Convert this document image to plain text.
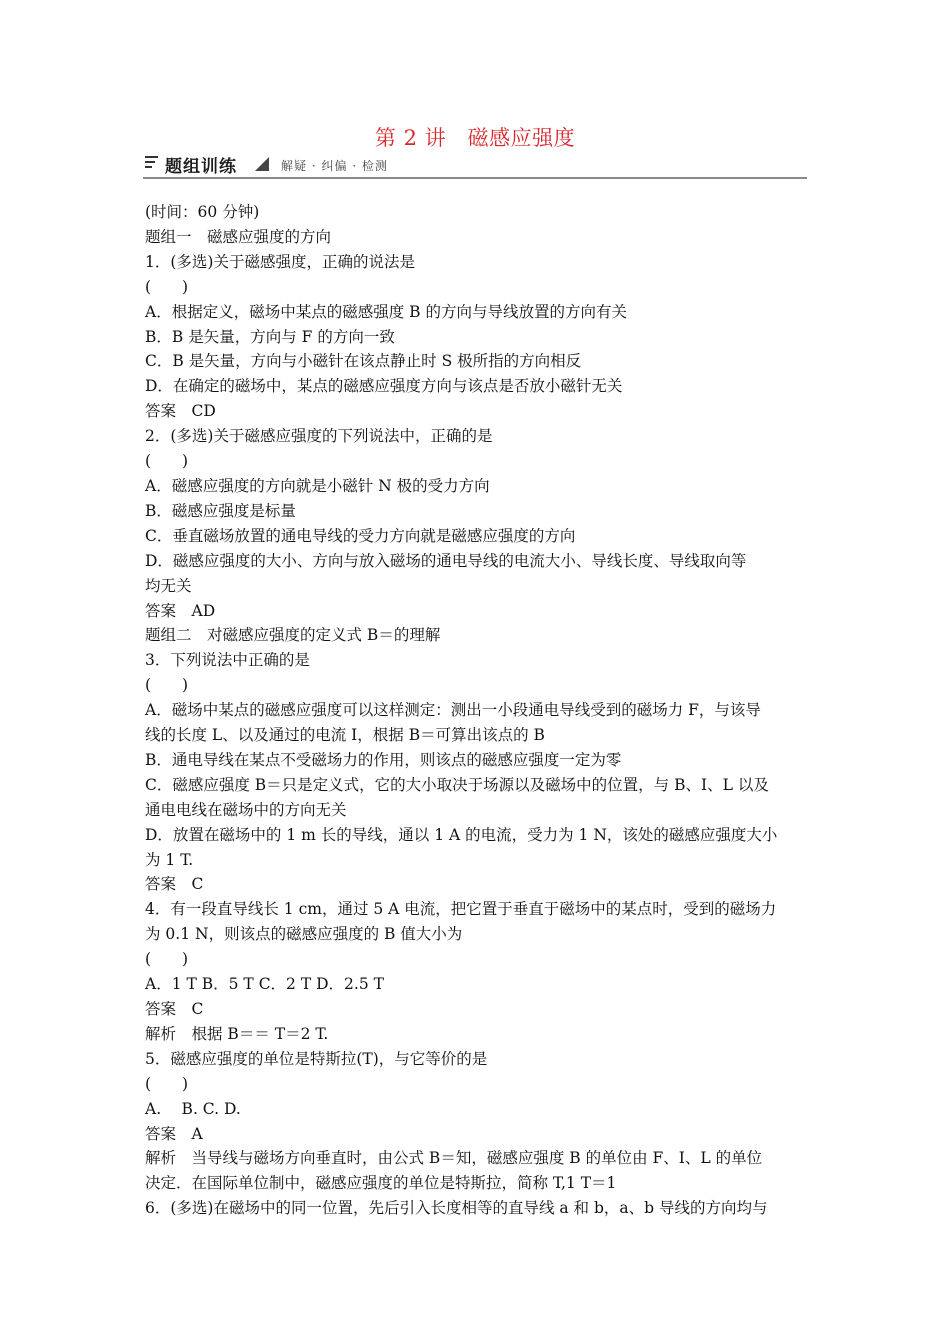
第 2 讲　磁感应强度
题组训练	解疑 · 纠偏 · 检测
(时间：60 分钟)
题组一　磁感应强度的方向
1．(多选)关于磁感强度，正确的说法是
(　　)
A．根据定义，磁场中某点的磁感强度 B 的方向与导线放置的方向有关
B．B 是矢量，方向与 F 的方向一致
C．B 是矢量，方向与小磁针在该点静止时 S 极所指的方向相反
D．在确定的磁场中，某点的磁感应强度方向与该点是否放小磁针无关
答案　CD
2．(多选)关于磁感应强度的下列说法中，正确的是
(　　)
A．磁感应强度的方向就是小磁针 N 极的受力方向
B．磁感应强度是标量
C．垂直磁场放置的通电导线的受力方向就是磁感应强度的方向
D．磁感应强度的大小、方向与放入磁场的通电导线的电流大小、导线长度、导线取向等
均无关
答案　AD
题组二　对磁感应强度的定义式 B＝的理解
3．下列说法中正确的是
(　　)
A．磁场中某点的磁感应强度可以这样测定：测出一小段通电导线受到的磁场力 F，与该导
线的长度 L、以及通过的电流 I，根据 B＝可算出该点的 B
B．通电导线在某点不受磁场力的作用，则该点的磁感应强度一定为零
C．磁感应强度 B＝只是定义式，它的大小取决于场源以及磁场中的位置，与 B、I、L 以及
通电电线在磁场中的方向无关
D．放置在磁场中的 1 m 长的导线，通以 1 A 的电流，受力为 1 N，该处的磁感应强度大小
为 1 T.
答案　C
4．有一段直导线长 1 cm，通过 5 A 电流，把它置于垂直于磁场中的某点时，受到的磁场力
为 0.1 N，则该点的磁感应强度的 B 值大小为
(　　)
A．1 T B．5 T C．2 T D．2.5 T
答案　C
解析　根据 B＝＝ T＝2 T.
5．磁感应强度的单位是特斯拉(T)，与它等价的是
(　　)
A.　 B. C. D.
答案　A
解析　当导线与磁场方向垂直时，由公式 B＝知，磁感应强度 B 的单位由 F、I、L 的单位
决定．在国际单位制中，磁感应强度的单位是特斯拉，简称 T,1 T＝1
6．(多选)在磁场中的同一位置，先后引入长度相等的直导线 a 和 b，a、b 导线的方向均与
